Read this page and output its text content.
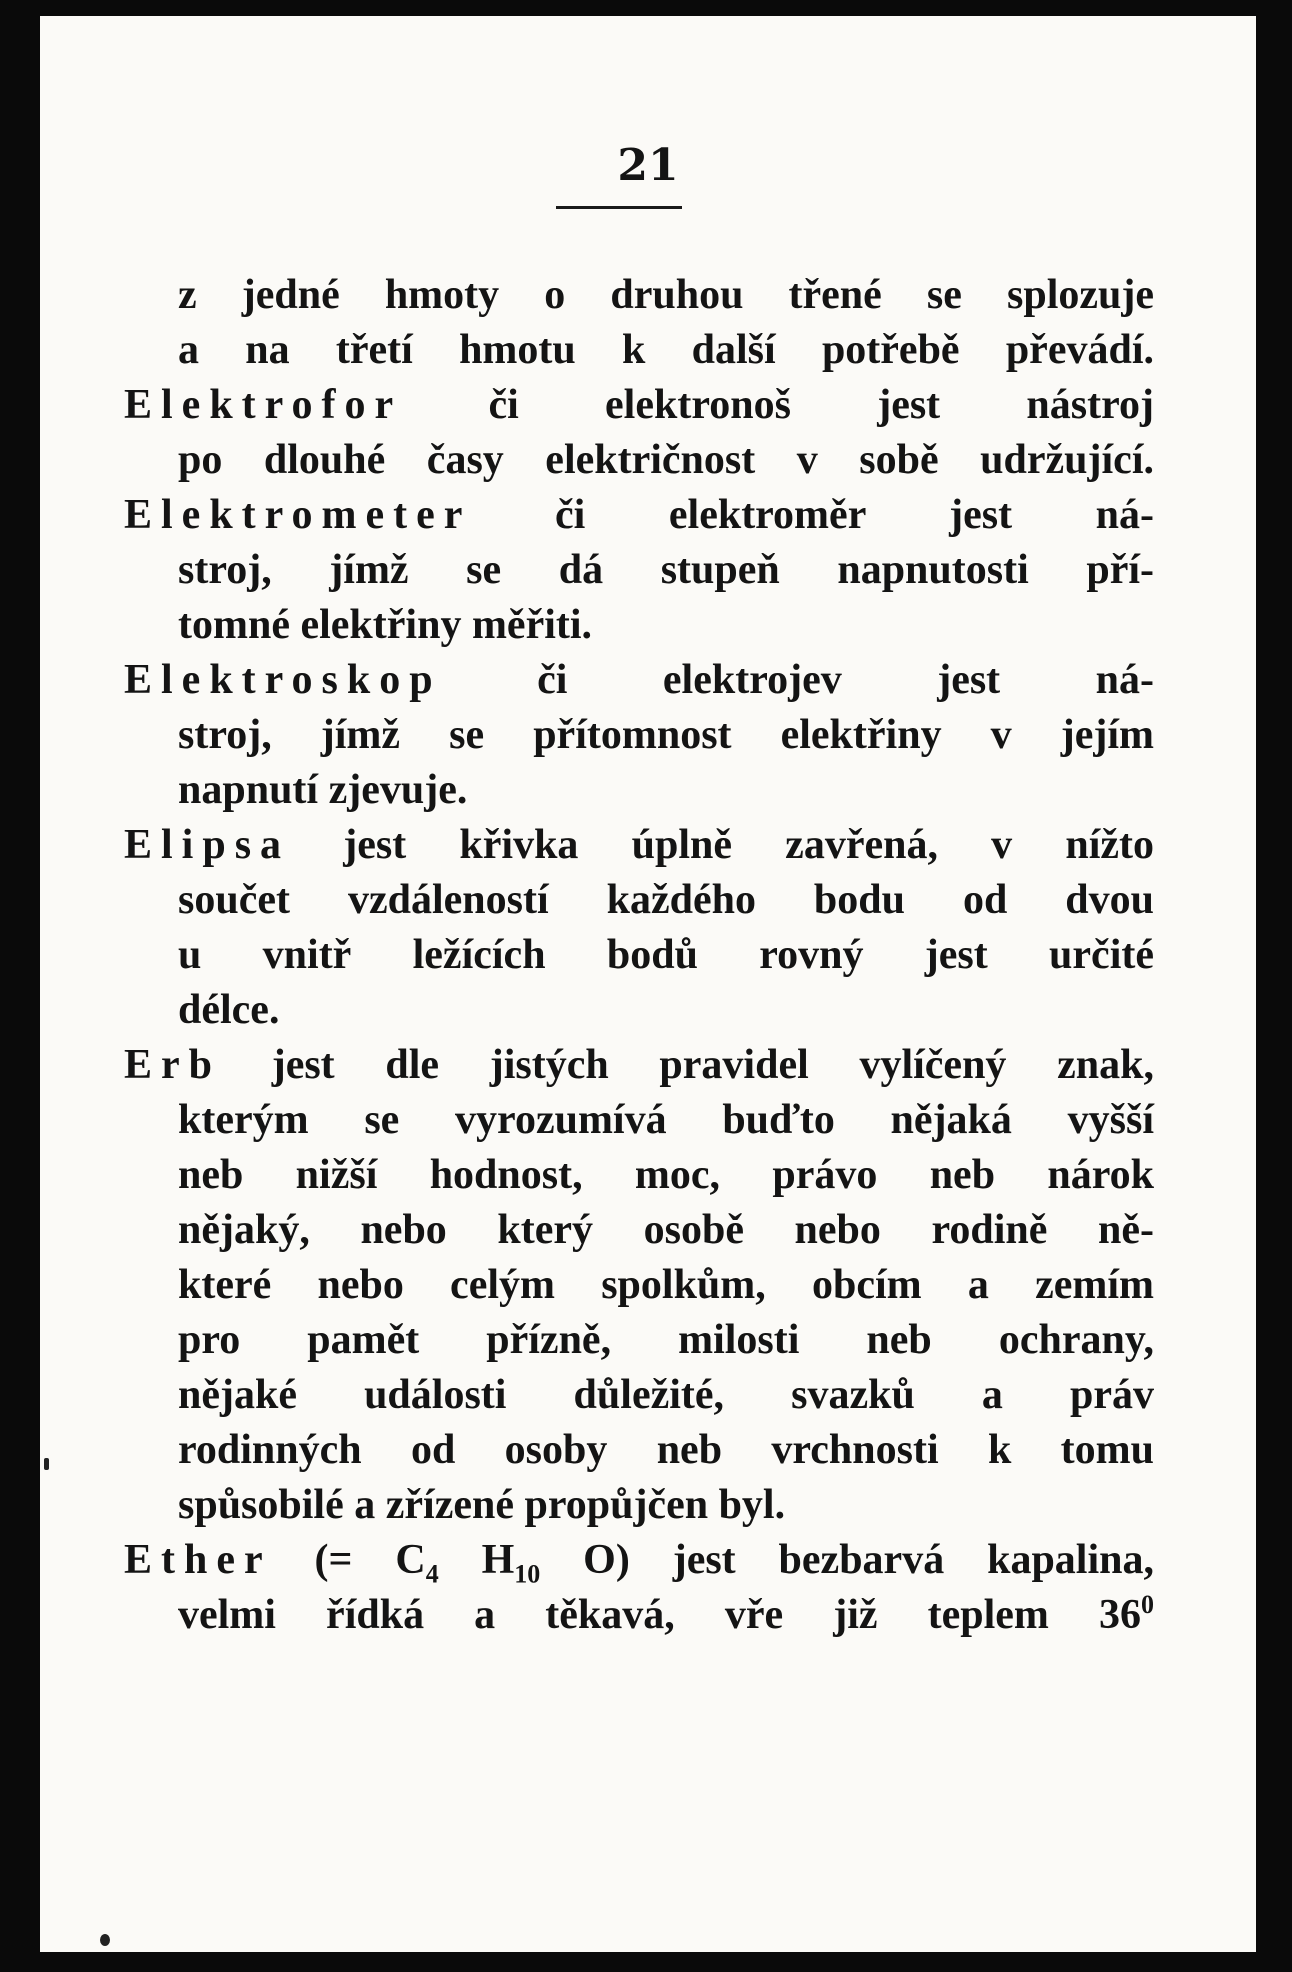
21
z jedné hmoty o druhou třené se splozuje
a na třetí hmotu k další potřebě převádí.
Elektrofor či elektronoš jest nástroj
po dlouhé časy električnost v sobě udržující.
Elektrometer či elektroměr jest ná-
stroj, jímž se dá stupeň napnutosti pří-
tomné elektřiny měřiti.
Elektroskop či elektrojev jest ná-
stroj, jímž se přítomnost elektřiny v jejím
napnutí zjevuje.
Elipsa jest křivka úplně zavřená, v nížto
součet vzdáleností každého bodu od dvou
u vnitř ležících bodů rovný jest určité
délce.
Erb jest dle jistých pravidel vylíčený znak,
kterým se vyrozumívá buďto nějaká vyšší
neb nižší hodnost, moc, právo neb nárok
nějaký, nebo který osobě nebo rodině ně-
které nebo celým spolkům, obcím a zemím
pro pamět přízně, milosti neb ochrany,
nějaké události důležité, svazků a práv
rodinných od osoby neb vrchnosti k tomu
spůsobilé a zřízené propůjčen byl.
Ether (= $C_4$ $H_{10}$ O) jest bezbarvá kapalina,
velmi řídká a těkavá, vře již teplem $36^0$
